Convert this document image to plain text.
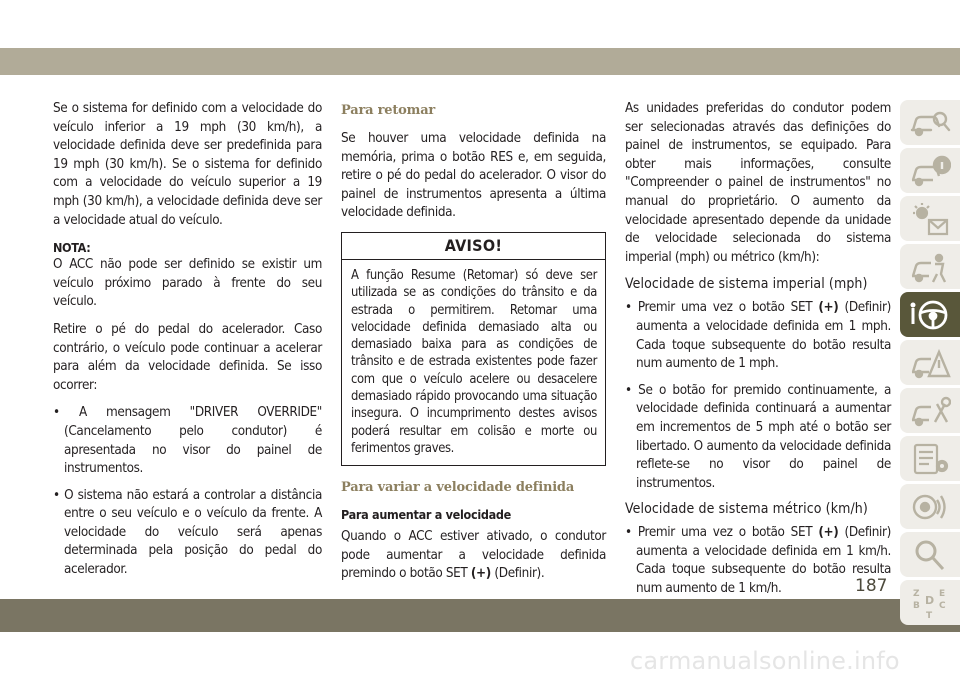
Se o sistema for definido com a velocidade do veículo inferior a 19 mph (30 km/h), a velocidade definida deve ser predefinida para 19 mph (30 km/h). Se o sistema for definido com a velocidade do veículo superior a 19 mph (30 km/h), a velocidade definida deve ser a velocidade atual do veículo.

NOTA:

O ACC não pode ser definido se existir um veículo próximo parado à frente do seu veículo.

Retire o pé do pedal do acelerador. Caso contrário, o veículo pode continuar a acelerar para além da velocidade definida. Se isso ocorrer:

• A mensagem "DRIVER OVERRIDE" (Cancelamento pelo condutor) é apresentada no visor do painel de instrumentos.

• O sistema não estará a controlar a distância entre o seu veículo e o veículo da frente. A velocidade do veículo será apenas determinada pela posição do pedal do acelerador.

Para retomar

Se houver uma velocidade definida na memória, prima o botão RES e, em seguida, retire o pé do pedal do acelerador. O visor do painel de instrumentos apresenta a última velocidade definida.

AVISO!
A função Resume (Retomar) só deve ser utilizada se as condições do trânsito e da estrada o permitirem. Retomar uma velocidade definida demasiado alta ou demasiado baixa para as condições de trânsito e de estrada existentes pode fazer com que o veículo acelere ou desacelere demasiado rápido provocando uma situação insegura. O incumprimento destes avisos poderá resultar em colisão e morte ou ferimentos graves.
Para variar a velocidade definida
Para aumentar a velocidade

Quando o ACC estiver ativado, o condutor pode aumentar a velocidade definida premindo o botão SET (+) (Definir).

As unidades preferidas do condutor podem ser selecionadas através das definições do painel de instrumentos, se equipado. Para obter mais informações, consulte "Compreender o painel de instrumentos" no manual do proprietário. O aumento da velocidade apresentado depende da unidade de velocidade selecionada do sistema imperial (mph) ou métrico (km/h):

Velocidade de sistema imperial (mph)

• Premir uma vez o botão SET (+) (Definir) aumenta a velocidade definida em 1 mph. Cada toque subsequente do botão resulta num aumento de 1 mph.

• Se o botão for premido continuamente, a velocidade definida continuará a aumentar em incrementos de 5 mph até o botão ser libertado. O aumento da velocidade definida reflete-se no visor do painel de instrumentos.

Velocidade de sistema métrico (km/h)

• Premir uma vez o botão SET (+) (Definir) aumenta a velocidade definida em 1 km/h. Cada toque subsequente do botão resulta num aumento de 1 km/h.	Z E
B C
D
T
187
carmanualsonline.info
